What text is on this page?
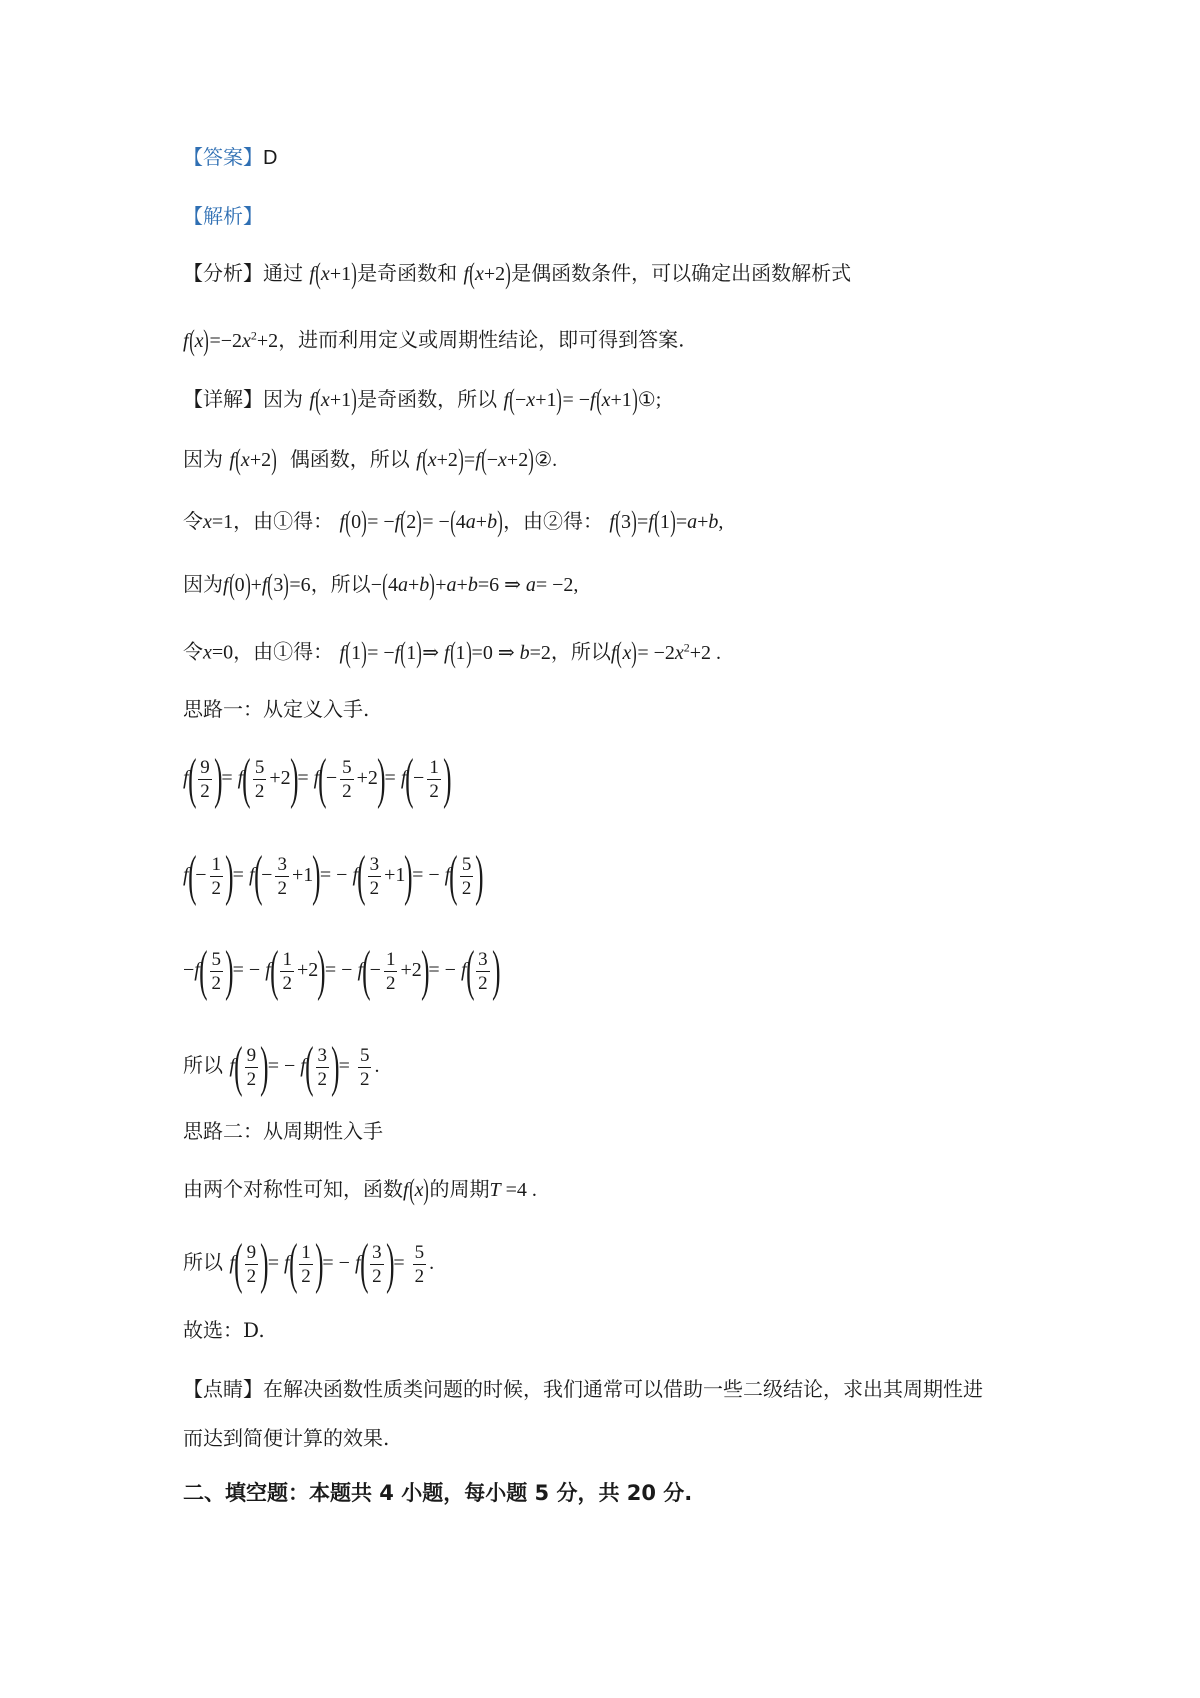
【答案】D
【解析】
【分析】通过 f(x+1)是奇函数和 f(x+2)是偶函数条件，可以确定出函数解析式
$f(x)=-2x^2+2$，进而利用定义或周期性结论，即可得到答案.
【详解】因为 f(x+1)是奇函数，所以 f(−x+1)= −f(x+1)①;
因为 f(x+2) 偶函数，所以 f(x+2)=f(−x+2)②.
令x=1，由①得： f(0)= −f(2)= −(4a+b)，由②得： f(3)=f(1)=a+b,
因为f(0)+f(3)=6，所以−(4a+b)+a+b=6 ⇒ a= −2,
令x=0，由①得： f(1)= −f(1)⇒ f(1)=0 ⇒ b=2，所以$f(x)= -2x^2+2$ .
思路一：从定义入手.
$f( \frac{9}{2}$ )= $f( \frac{5}{2} +2)= f(- \frac{5}{2} +2)= f(- \frac{1}{2}$ )
$f(- \frac{1}{2}$ )= $f(- \frac{3}{2} +1)= - f( \frac{3}{2} +1)= - f( \frac{5}{2}$ )
$-f( \frac{5}{2}$ )= − $f( \frac{1}{2} +2)= - f(- \frac{1}{2} +2)= - f( \frac{3}{2}$ )
所以 $f( \frac{9}{2}$ )= − $f( \frac{3}{2}$ )= $\frac{5}{2}$ .
思路二：从周期性入手
由两个对称性可知，函数f(x)的周期T =4 .
所以 $f( \frac{9}{2}$ )= $f( \frac{1}{2}$ )= − $f( \frac{3}{2}$ )= $\frac{5}{2}$ .
故选：D.
【点睛】在解决函数性质类问题的时候，我们通常可以借助一些二级结论，求出其周期性进
而达到简便计算的效果.
二、填空题：本题共 4 小题，每小题 5 分，共 20 分.
